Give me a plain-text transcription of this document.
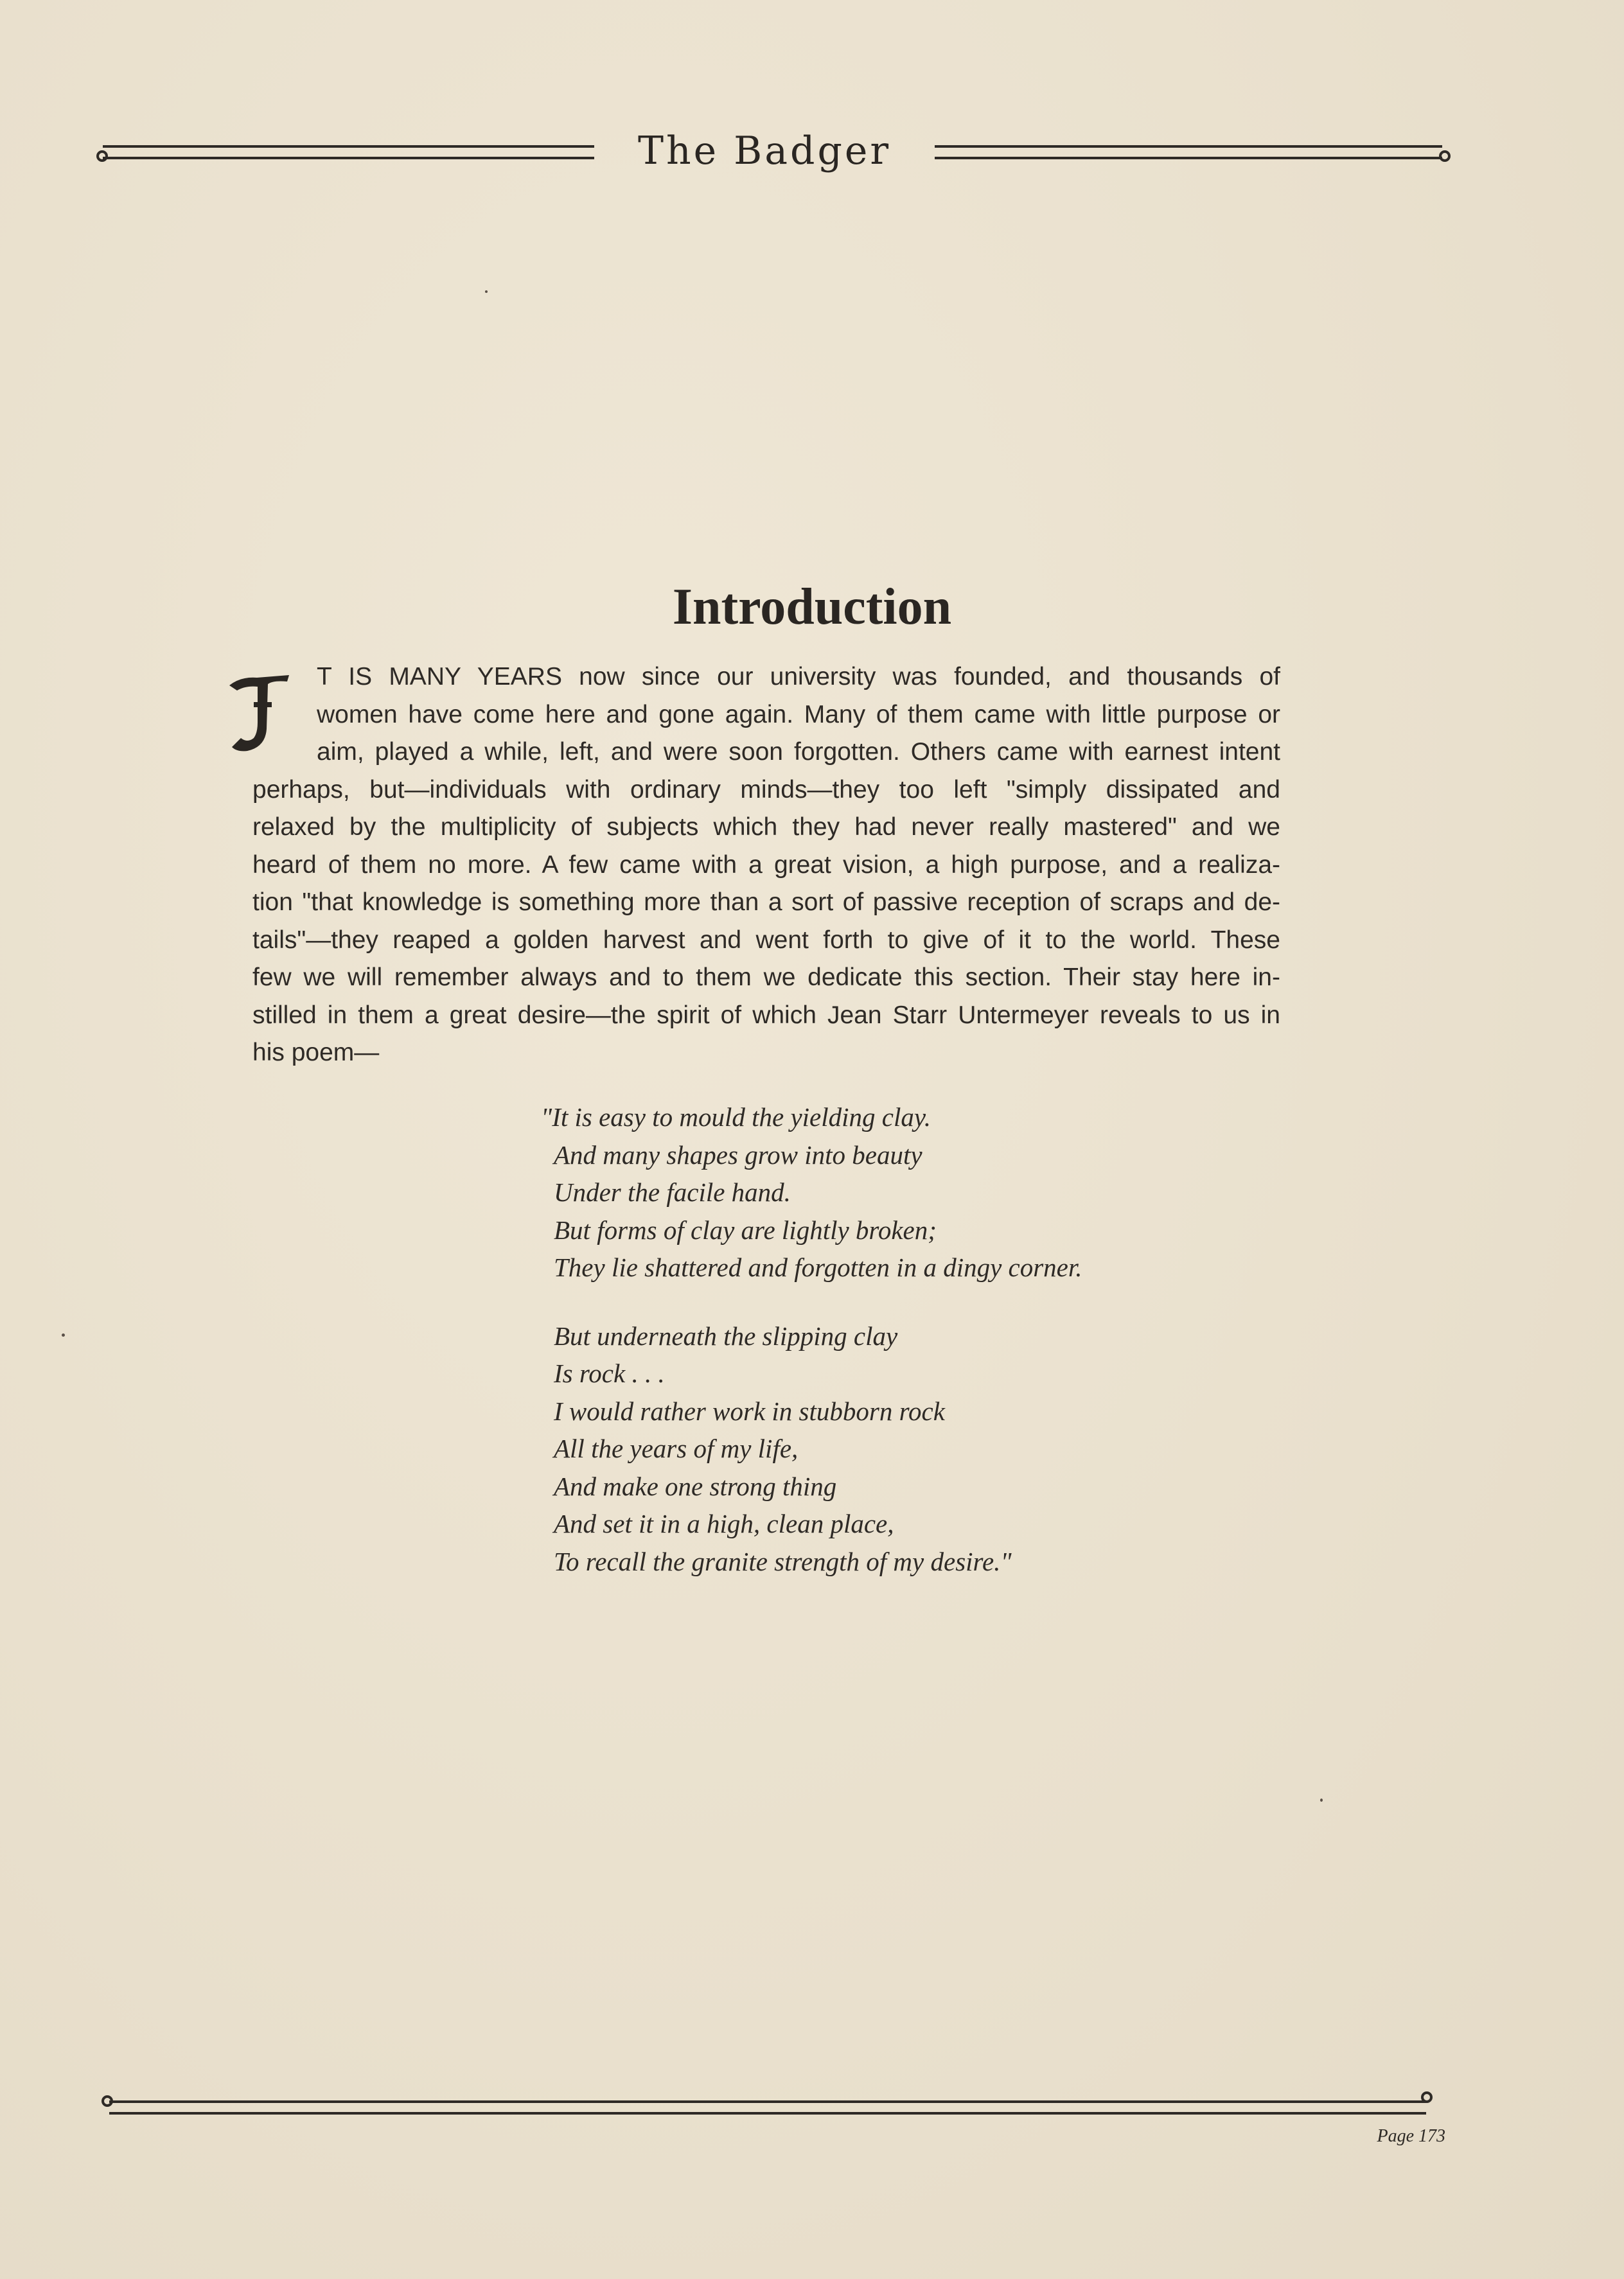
The Badger
Introduction
T IS MANY YEARS now since our university was founded, and thousands of
women have come here and gone again. Many of them came with little purpose or
aim, played a while, left, and were soon forgotten. Others came with earnest intent
perhaps, but—individuals with ordinary minds—they too left "simply dissipated and
relaxed by the multiplicity of subjects which they had never really mastered" and we
heard of them no more. A few came with a great vision, a high purpose, and a realiza-
tion "that knowledge is something more than a sort of passive reception of scraps and de-
tails"—they reaped a golden harvest and went forth to give of it to the world. These
few we will remember always and to them we dedicate this section. Their stay here in-
stilled in them a great desire—the spirit of which Jean Starr Untermeyer reveals to us in
his poem—
"It is easy to mould the yielding clay.
And many shapes grow into beauty
Under the facile hand.
But forms of clay are lightly broken;
They lie shattered and forgotten in a dingy corner.
But underneath the slipping clay
Is rock . . .
I would rather work in stubborn rock
All the years of my life,
And make one strong thing
And set it in a high, clean place,
To recall the granite strength of my desire."
Page 173
